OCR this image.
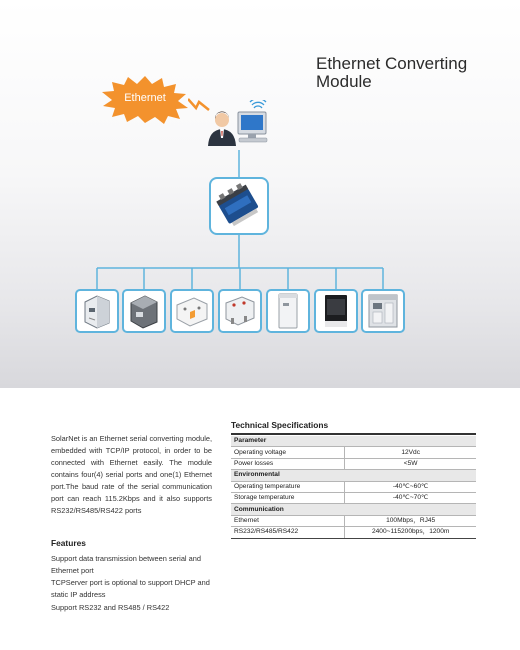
Ethernet Converting
Module
Ethernet
SolarNet is an Ethernet serial converting module, embedded with TCP/IP protocol, in order to be connected with Ethernet easily. The module contains four(4) serial ports and one(1) Ethernet port.The baud rate of the serial communication port can reach 115.2Kbps and it also supports RS232/RS485/RS422 ports
Features
Support data transmission between serial and Ethernet port
TCPServer port is optional to support DHCP and static IP address
Support RS232 and RS485 / RS422
Technical Specifications
Parameter	
Operating voltage	12Vdc
Power losses	<5W
Environmental	
Operating temperature	-40℃~60℃
Storage temperature	-40℃~70℃
Communication	
Ethernet	100Mbps，RJ45
RS232/RS485/RS422	2400~115200bps，1200m
